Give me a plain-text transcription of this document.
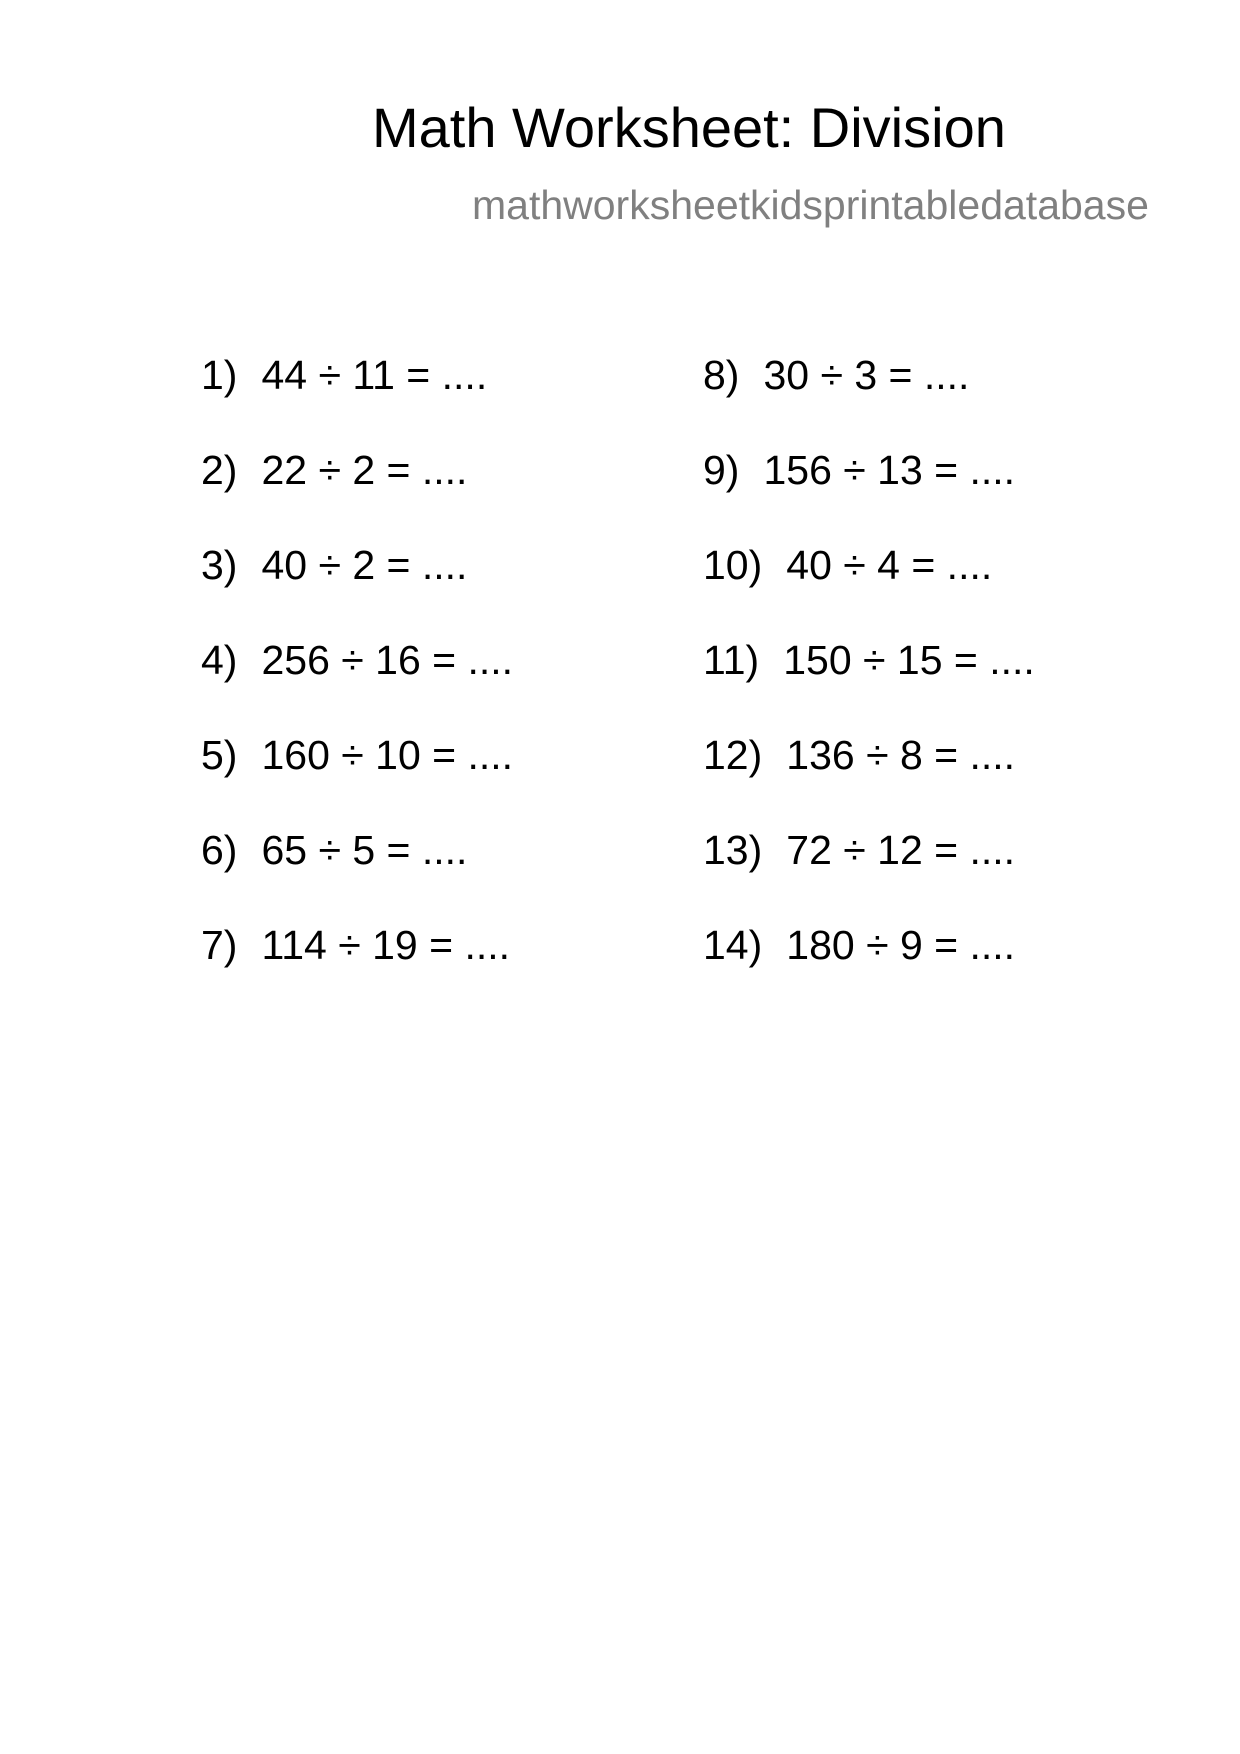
Math Worksheet: Division
mathworksheetkidsprintabledatabase
1) 44 ÷ 11 = ....
2) 22 ÷ 2 = ....
3) 40 ÷ 2 = ....
4) 256 ÷ 16 = ....
5) 160 ÷ 10 = ....
6) 65 ÷ 5 = ....
7) 114 ÷ 19 = ....
8) 30 ÷ 3 = ....
9) 156 ÷ 13 = ....
10) 40 ÷ 4 = ....
11) 150 ÷ 15 = ....
12) 136 ÷ 8 = ....
13) 72 ÷ 12 = ....
14) 180 ÷ 9 = ....
